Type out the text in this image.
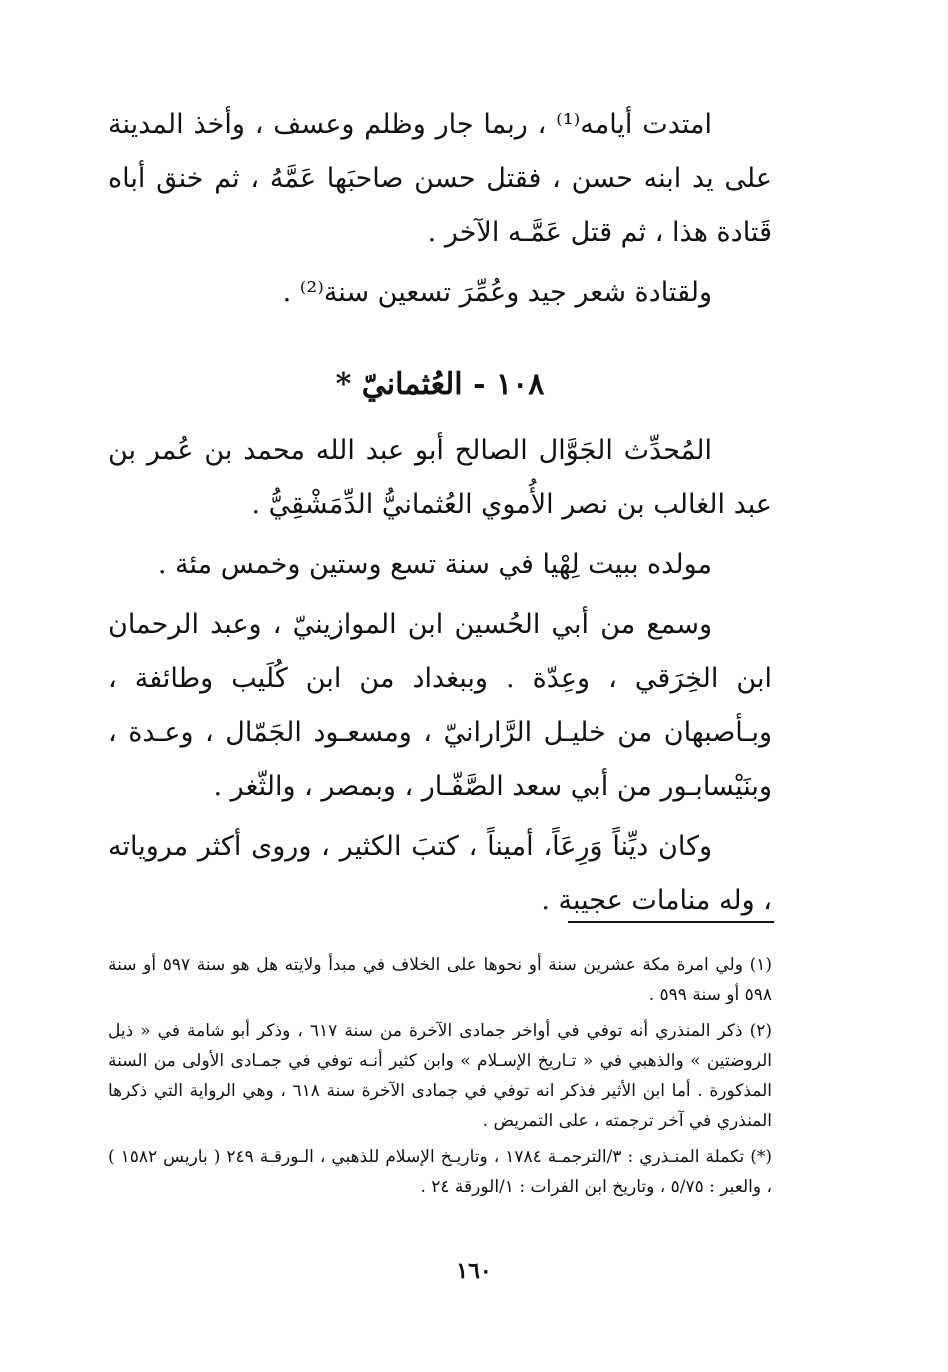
امتدت أيامه⁽¹⁾ ، ربما جار وظلم وعسف ، وأخذ المدينة على يد ابنه حسن ، فقتل حسن صاحبَها عَمَّهُ ، ثم خنق أباه قَتادة هذا ، ثم قتل عَمَّـه الآخر .

ولقتادة شعر جيد وعُمِّرَ تسعين سنة⁽²⁾ .

١٠٨ - العُثمانيّ *

المُحدِّث الجَوَّال الصالح أبو عبد الله محمد بن عُمر بن عبد الغالب بن نصر الأُموي العُثمانيُّ الدِّمَشْقِيُّ .

مولده ببيت لِهْيا في سنة تسع وستين وخمس مئة .

وسمع من أبي الحُسين ابن الموازينيّ ، وعبد الرحمان ابن الخِرَقي ، وعِدّة . وببغداد من ابن كُلَيب وطائفة ، وبـأصبهان من خليـل الرَّارانيّ ، ومسعـود الجَمّال ، وعـدة ، وبنَيْسابـور من أبي سعد الصَّفّـار ، وبمصر ، والثّغر .

وكان ديِّناً وَرِعَاً، أميناً ، كتبَ الكثير ، وروى أكثر مروياته ، وله منامات عجيبة .

(١) ولي امرة مكة عشرين سنة أو نحوها على الخلاف في مبدأ ولايته هل هو سنة ٥٩٧ أو سنة ٥٩٨ أو سنة ٥٩٩ .

(٢) ذكر المنذري أنه توفي في أواخر جمادى الآخرة من سنة ٦١٧ ، وذكر أبو شامة في « ذيل الروضتين » والذهبي في « تـاريخ الإسـلام » وابن كثير أنـه توفي في جمـادى الأولى من السنة المذكورة . أما ابن الأثير فذكر انه توفي في جمادى الآخرة سنة ٦١٨ ، وهي الرواية التي ذكرها المنذري في آخر ترجمته ، على التمريض .

(*) تكملة المنـذري : ٣/الترجمـة ١٧٨٤ ، وتاريـخ الإسلام للذهبي ، الـورقـة ٢٤٩ ( باريس ١٥٨٢ ) ، والعبر : ٥/٧٥ ، وتاريخ ابن الفرات : ١/الورقة ٢٤ .

١٦٠
